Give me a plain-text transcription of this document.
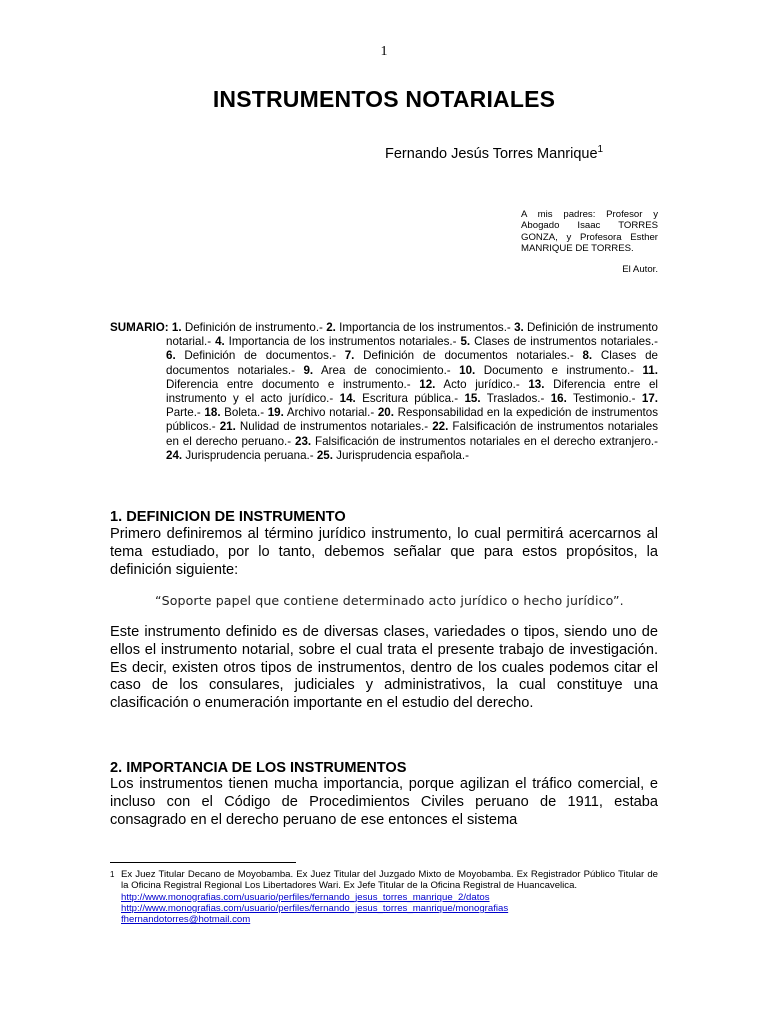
1
INSTRUMENTOS NOTARIALES
Fernando Jesús Torres Manrique$^1$
A mis padres: Profesor y Abogado Isaac TORRES GONZA, y Profesora Esther MANRIQUE DE TORRES.
El Autor.
SUMARIO: 1. Definición de instrumento.- 2. Importancia de los instrumentos.- 3. Definición de instrumento notarial.- 4. Importancia de los instrumentos notariales.- 5. Clases de instrumentos notariales.- 6. Definición de documentos.- 7. Definición de documentos notariales.- 8. Clases de documentos notariales.- 9. Area de conocimiento.- 10. Documento e instrumento.- 11. Diferencia entre documento e instrumento.- 12. Acto jurídico.- 13. Diferencia entre el instrumento y el acto jurídico.- 14. Escritura pública.- 15. Traslados.- 16. Testimonio.- 17. Parte.- 18. Boleta.- 19. Archivo notarial.- 20. Responsabilidad en la expedición de instrumentos públicos.- 21. Nulidad de instrumentos notariales.- 22. Falsificación de instrumentos notariales en el derecho peruano.- 23. Falsificación de instrumentos notariales en el derecho extranjero.- 24. Jurisprudencia peruana.- 25. Jurisprudencia española.-
1. DEFINICION DE INSTRUMENTO

Primero definiremos al término jurídico instrumento, lo cual permitirá acercarnos al tema estudiado, por lo tanto, debemos señalar que para estos propósitos, la definición siguiente:

“Soporte papel que contiene determinado acto jurídico o hecho jurídico”.

Este instrumento definido es de diversas clases, variedades o tipos, siendo uno de ellos el instrumento notarial, sobre el cual trata el presente trabajo de investigación. Es decir, existen otros tipos de instrumentos, dentro de los cuales podemos citar el caso de los consulares, judiciales y administrativos, la cual constituye una clasificación o enumeración importante en el estudio del derecho.

2. IMPORTANCIA DE LOS INSTRUMENTOS

Los instrumentos tienen mucha importancia, porque agilizan el tráfico comercial, e incluso con el Código de Procedimientos Civiles peruano de 1911, estaba consagrado en el derecho peruano de ese entonces el sistema

1 Ex Juez Titular Decano de Moyobamba. Ex Juez Titular del Juzgado Mixto de Moyobamba. Ex Registrador Público Titular de la Oficina Registral Regional Los Libertadores Wari. Ex Jefe Titular de la Oficina Registral de Huancavelica.
http://www.monografias.com/usuario/perfiles/fernando_jesus_torres_manrique_2/datos
http://www.monografias.com/usuario/perfiles/fernando_jesus_torres_manrique/monografias
fhernandotorres@hotmail.com
